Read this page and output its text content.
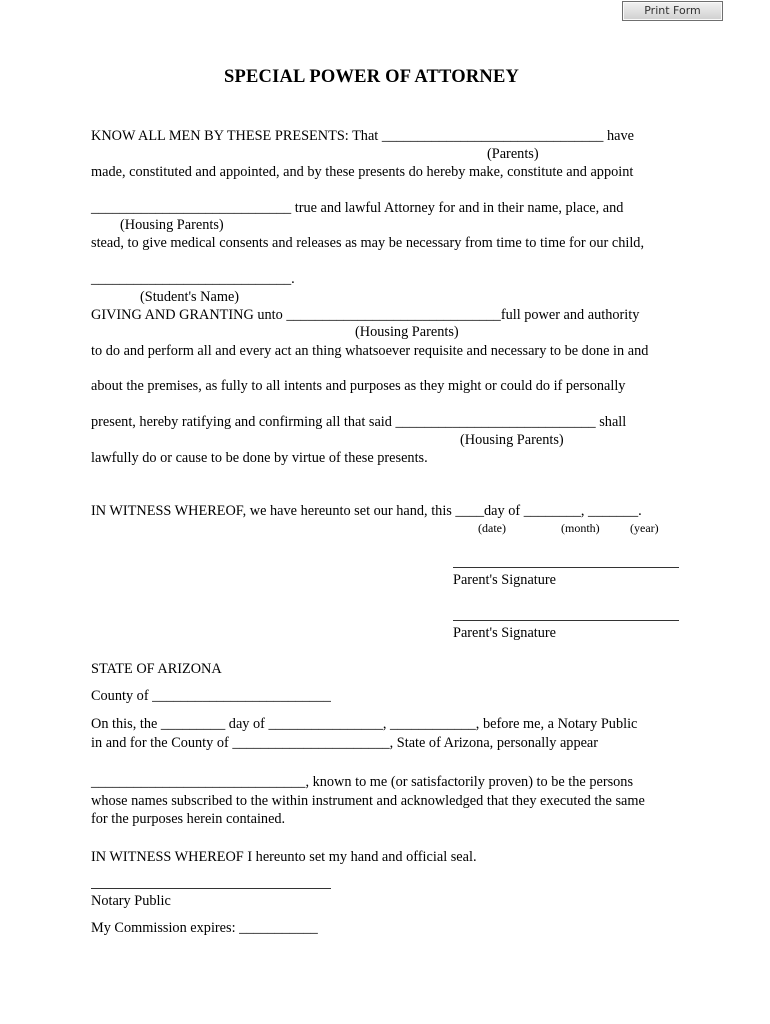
Print Form
SPECIAL POWER OF ATTORNEY
KNOW ALL MEN BY THESE PRESENTS: That _______________________________ have
(Parents)
made, constituted and appointed, and by these presents do hereby make, constitute and appoint
____________________________ true and lawful Attorney for and in their name, place, and
(Housing Parents)
stead, to give medical consents and releases as may be necessary from time to time for our child,
____________________________.
(Student's Name)
GIVING AND GRANTING unto ______________________________full power and authority
(Housing Parents)
to do and perform all and every act an thing whatsoever requisite and necessary to be done in and
about the premises, as fully to all intents and purposes as they might or could do if personally
present, hereby ratifying and confirming all that said ____________________________ shall
(Housing Parents)
lawfully do or cause to be done by virtue of these presents.
IN WITNESS WHEREOF, we have hereunto set our hand, this ____day of ________, _______.
(date)	(month)	(year)
Parent's Signature
Parent's Signature
STATE OF ARIZONA
County of _________________________
On this, the _________ day of ________________, ____________, before me, a Notary Public
in and for the County of ______________________, State of Arizona, personally appear
______________________________, known to me (or satisfactorily proven) to be the persons
whose names subscribed to the within instrument and acknowledged that they executed the same
for the purposes herein contained.
IN WITNESS WHEREOF I hereunto set my hand and official seal.
Notary Public
My Commission expires: ___________
